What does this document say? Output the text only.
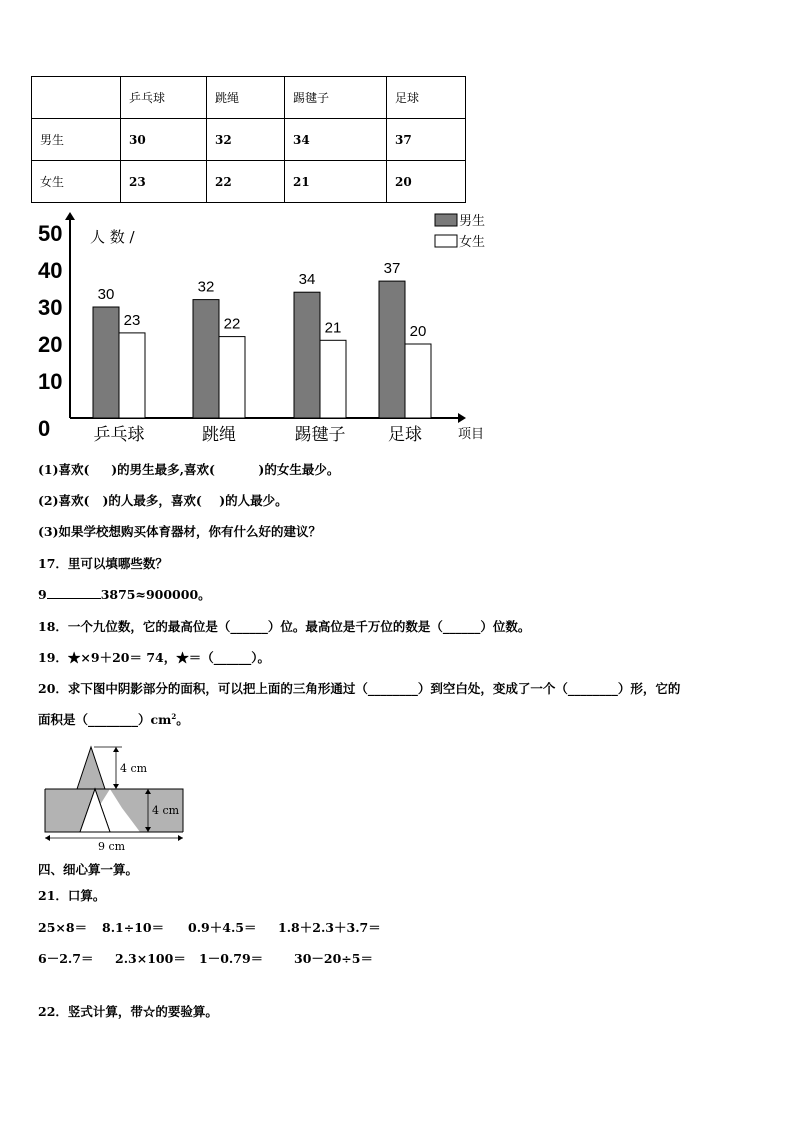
	乒乓球	跳绳	踢毽子	足球
男生	30	32	34	37
女生	23	22	21	20
0
10
20
30
40
50
30
23
32
22
34
21
37
20
乒乓球	跳绳	踢毽子	足球
人 数 /
项目
男生
女生
(1)喜欢(     )的男生最多,喜欢(          )的女生最少。
(2)喜欢(   )的人最多，喜欢(    )的人最少。
(3)如果学校想购买体育器材，你有什么好的建议？
17．里可以填哪些数？
9	3875≈900000。
18．一个九位数，它的最高位是（______）位。最高位是千万位的数是（______）位数。
19．★×9＋20＝ 74，★＝（______）。
20．求下图中阴影部分的面积，可以把上面的三角形通过（________）到空白处，变成了一个（________）形，它的
面积是$(\_\_\_\_\_\_\_\_)cm^2$。
4 cm
4 cm
9 cm
四、细心算一算。
21．口算。
25×8＝ 8.1÷10＝ 0.9＋4.5＝ 1.8＋2.3＋3.7＝
6－2.7＝ 2.3×100＝ 1－0.79＝ 30－20÷5＝
22．竖式计算，带☆的要验算。
